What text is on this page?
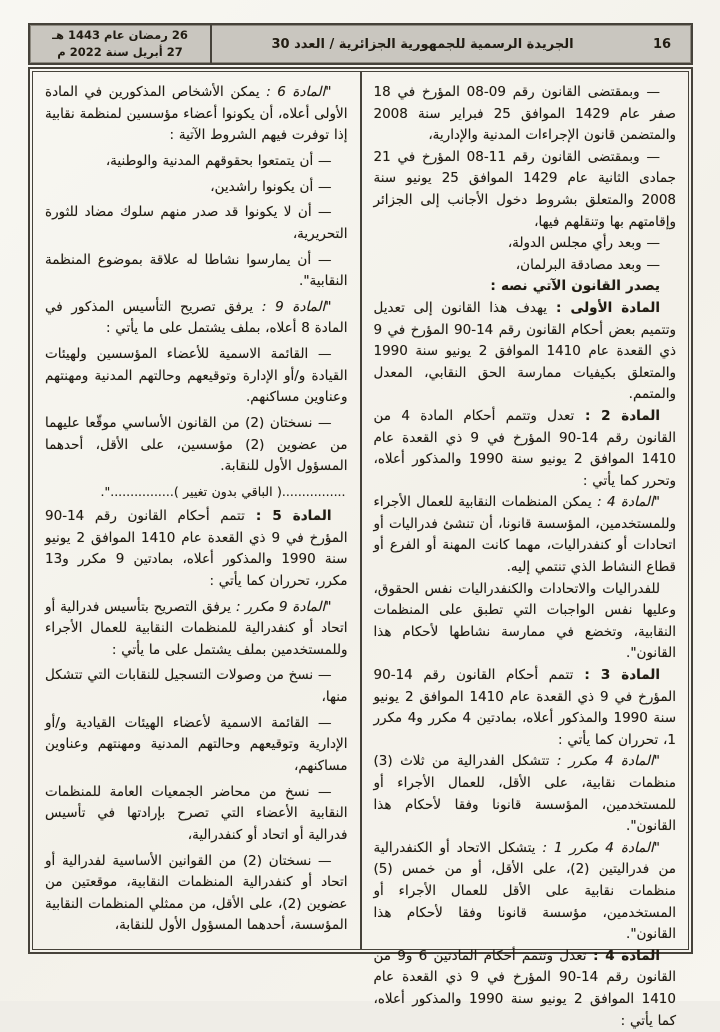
26 رمضان عام 1443 هـ
27 أبريل سنة 2022 م
الجريدة الرسمية للجمهورية الجزائرية / العدد 30	16

— وبمقتضى القانون رقم 09-08 المؤرخ في 18 صفر عام 1429 الموافق 25 فبراير سنة 2008 والمتضمن قانون الإجراءات المدنية والإدارية،

— وبمقتضى القانون رقم 11-08 المؤرخ في 21 جمادى الثانية عام 1429 الموافق 25 يونيو سنة 2008 والمتعلق بشروط دخول الأجانب إلى الجزائر وإقامتهم بها وتنقلهم فيها،

— وبعد رأي مجلس الدولة،

— وبعد مصادقة البرلمان،

يصدر القانون الآتي نصه :

المادة الأولى : يهدف هذا القانون إلى تعديل وتتميم بعض أحكام القانون رقم 14-90 المؤرخ في 9 ذي القعدة عام 1410 الموافق 2 يونيو سنة 1990 والمتعلق بكيفيات ممارسة الحق النقابي، المعدل والمتمم.

المادة 2 : تعدل وتتمم أحكام المادة 4 من القانون رقم 14-90 المؤرخ في 9 ذي القعدة عام 1410 الموافق 2 يونيو سنة 1990 والمذكور أعلاه، وتحرر كما يأتي :

"المادة 4 : يمكن المنظمات النقابية للعمال الأجراء وللمستخدمين، المؤسسة قانونا، أن تنشئ فدراليات أو اتحادات أو كنفدراليات، مهما كانت المهنة أو الفرع أو قطاع النشاط الذي تنتمي إليه.

للفدراليات والاتحادات والكنفدراليات نفس الحقوق، وعليها نفس الواجبات التي تطبق على المنظمات النقابية، وتخضع في ممارسة نشاطها لأحكام هذا القانون".

المادة 3 : تتمم أحكام القانون رقم 14-90 المؤرخ في 9 ذي القعدة عام 1410 الموافق 2 يونيو سنة 1990 والمذكور أعلاه، بمادتين 4 مكرر و4 مكرر 1، تحرران كما يأتي :

"المادة 4 مكرر : تتشكل الفدرالية من ثلاث (3) منظمات نقابية، على الأقل، للعمال الأجراء أو للمستخدمين، المؤسسة قانونا وفقا لأحكام هذا القانون".

"المادة 4 مكرر 1 : يتشكل الاتحاد أو الكنفدرالية من فدراليتين (2)، على الأقل، أو من خمس (5) منظمات نقابية على الأقل للعمال الأجراء أو المستخدمين، مؤسسة قانونا وفقا لأحكام هذا القانون".

المادة 4 : تعدل وتتمم أحكام المادتين 6 و9 من القانون رقم 14-90 المؤرخ في 9 ذي القعدة عام 1410 الموافق 2 يونيو سنة 1990 والمذكور أعلاه، كما يأتي :

"المادة 6 : يمكن الأشخاص المذكورين في المادة الأولى أعلاه، أن يكونوا أعضاء مؤسسين لمنظمة نقابية إذا توفرت فيهم الشروط الآتية :

— أن يتمتعوا بحقوقهم المدنية والوطنية،

— أن يكونوا راشدين،

— أن لا يكونوا قد صدر منهم سلوك مضاد للثورة التحريرية،

— أن يمارسوا نشاطا له علاقة بموضوع المنظمة النقابية".

"المادة 9 : يرفق تصريح التأسيس المذكور في المادة 8 أعلاه، بملف يشتمل على ما يأتي :

— القائمة الاسمية للأعضاء المؤسسين ولهيئات القيادة و/أو الإدارة وتوقيعهم وحالتهم المدنية ومهنتهم وعناوين مساكنهم.

— نسختان (2) من القانون الأساسي موقّعا عليهما من عضوين (2) مؤسسين، على الأقل، أحدهما المسؤول الأول للنقابة.

................( الباقي بدون تغيير )................".

المادة 5 : تتمم أحكام القانون رقم 14-90 المؤرخ في 9 ذي القعدة عام 1410 الموافق 2 يونيو سنة 1990 والمذكور أعلاه، بمادتين 9 مكرر و13 مكرر، تحرران كما يأتي :

"المادة 9 مكرر : يرفق التصريح بتأسيس فدرالية أو اتحاد أو كنفدرالية للمنظمات النقابية للعمال الأجراء وللمستخدمين بملف يشتمل على ما يأتي :

— نسخ من وصولات التسجيل للنقابات التي تتشكل منها،

— القائمة الاسمية لأعضاء الهيئات القيادية و/أو الإدارية وتوقيعهم وحالتهم المدنية ومهنتهم وعناوين مساكنهم،

— نسخ من محاضر الجمعيات العامة للمنظمات النقابية الأعضاء التي تصرح بإرادتها في تأسيس فدرالية أو اتحاد أو كنفدرالية،

— نسختان (2) من القوانين الأساسية لفدرالية أو اتحاد أو كنفدرالية المنظمات النقابية، موقعتين من عضوين (2)، على الأقل، من ممثلي المنظمات النقابية المؤسسة، أحدهما المسؤول الأول للنقابة،
